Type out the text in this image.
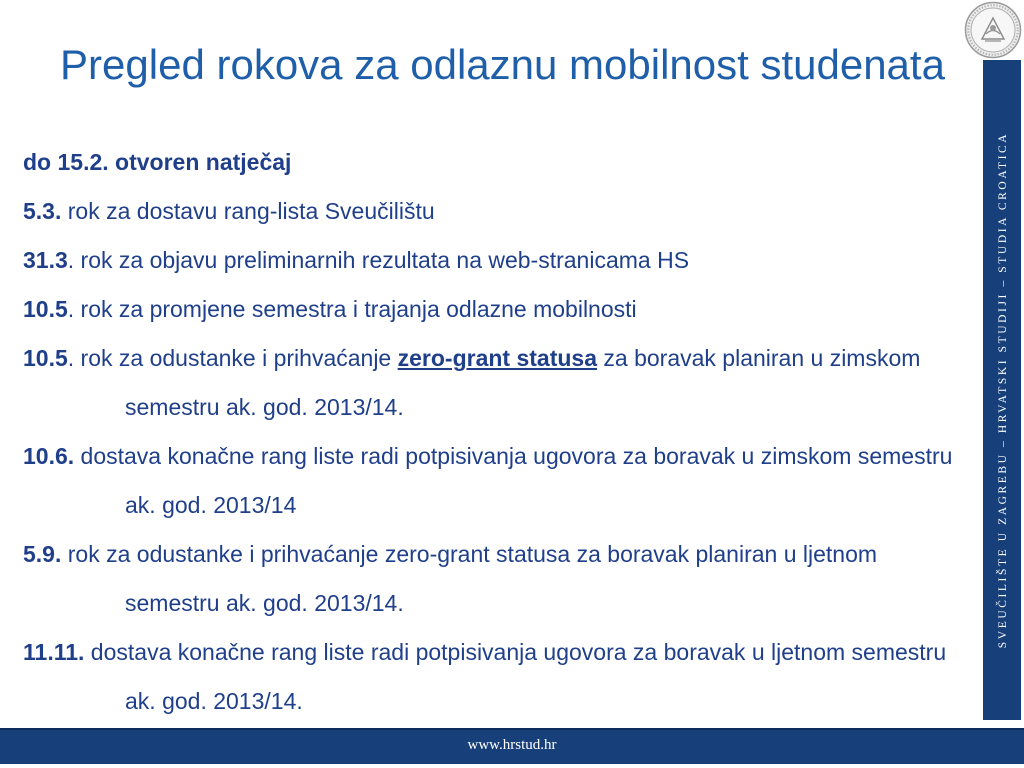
Pregled rokova za odlaznu mobilnost studenata
do 15.2. otvoren natječaj
5.3. rok za dostavu rang-lista Sveučilištu
31.3. rok za objavu preliminarnih rezultata na web-stranicama HS
10.5. rok za promjene semestra i trajanja odlazne mobilnosti
10.5. rok za odustanke i prihvaćanje zero-grant statusa za boravak planiran u zimskom semestru ak. god. 2013/14.
10.6. dostava konačne rang liste radi potpisivanja ugovora za boravak u zimskom semestru ak. god. 2013/14
5.9. rok za odustanke i prihvaćanje zero-grant statusa za boravak planiran u ljetnom semestru ak. god. 2013/14.
11.11. dostava konačne rang liste radi potpisivanja ugovora za boravak u ljetnom semestru ak. god. 2013/14.
SVEUČILIŠTE U ZAGREBU – HRVATSKI STUDIJI – STUDIA CROATICA
www.hrstud.hr
